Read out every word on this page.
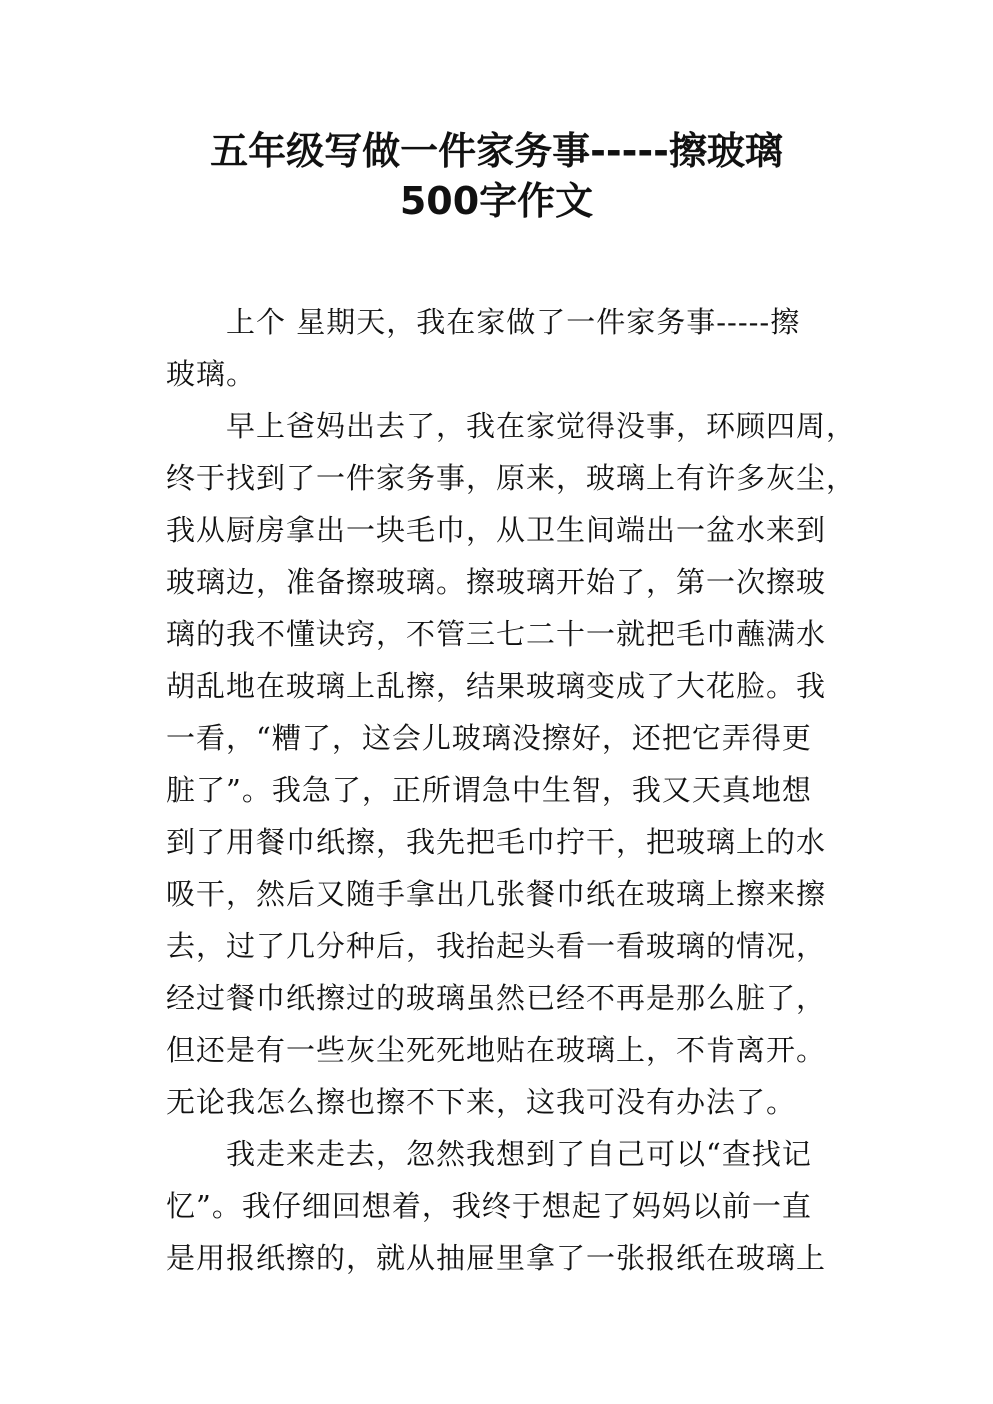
五年级写做一件家务事-----擦玻璃
500字作文
上个 星期天，我在家做了一件家务事-----擦
玻璃。
早上爸妈出去了，我在家觉得没事，环顾四周，
终于找到了一件家务事，原来，玻璃上有许多灰尘，
我从厨房拿出一块毛巾，从卫生间端出一盆水来到
玻璃边，准备擦玻璃。擦玻璃开始了，第一次擦玻
璃的我不懂诀窍，不管三七二十一就把毛巾蘸满水
胡乱地在玻璃上乱擦，结果玻璃变成了大花脸。我
一看，“糟了，这会儿玻璃没擦好，还把它弄得更
脏了”。我急了，正所谓急中生智，我又天真地想
到了用餐巾纸擦，我先把毛巾拧干，把玻璃上的水
吸干，然后又随手拿出几张餐巾纸在玻璃上擦来擦
去，过了几分种后，我抬起头看一看玻璃的情况，
经过餐巾纸擦过的玻璃虽然已经不再是那么脏了，
但还是有一些灰尘死死地贴在玻璃上，不肯离开。
无论我怎么擦也擦不下来，这我可没有办法了。
我走来走去，忽然我想到了自己可以“查找记
忆”。我仔细回想着，我终于想起了妈妈以前一直
是用报纸擦的，就从抽屉里拿了一张报纸在玻璃上
